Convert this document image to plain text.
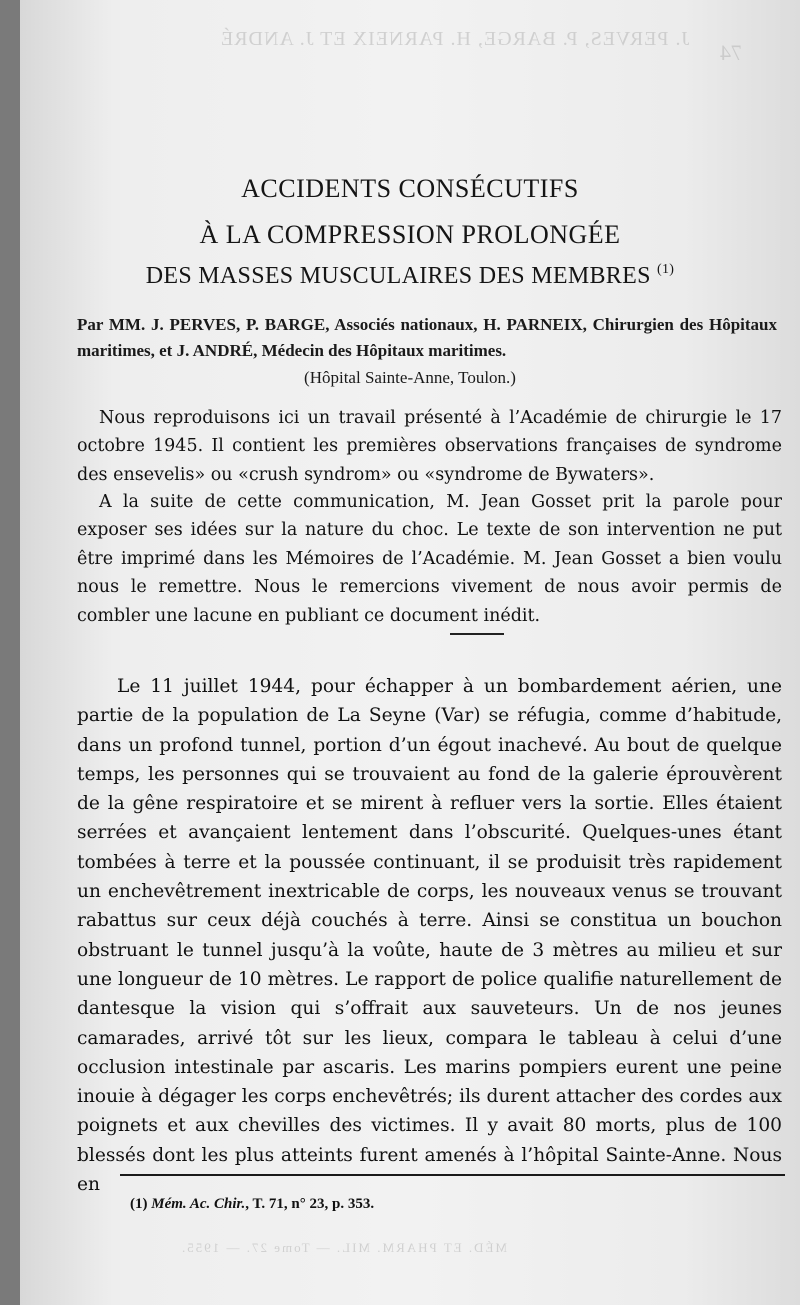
J. PERVES, P. BARGE, H. PARNEIX ET J. ANDRÉ
74
MÉD. ET PHARM. MIL. — Tome 27. — 1955.
ACCIDENTS CONSÉCUTIFS
À LA COMPRESSION PROLONGÉE
DES MASSES MUSCULAIRES DES MEMBRES $^{(1)}$

Par MM. J. PERVES, P. BARGE, Associés nationaux, H. PARNEIX, Chirurgien des Hôpitaux maritimes, et J. ANDRÉ, Médecin des Hôpitaux maritimes.

(Hôpital Sainte-Anne, Toulon.)

Nous reproduisons ici un travail présenté à l’Académie de chirurgie le 17 octobre 1945. Il contient les premières observations françaises de syndrome des ensevelis» ou «crush syndrom» ou «syndrome de Bywaters».

A la suite de cette communication, M. Jean Gosset prit la parole pour exposer ses idées sur la nature du choc. Le texte de son intervention ne put être imprimé dans les Mémoires de l’Académie. M. Jean Gosset a bien voulu nous le remettre. Nous le remercions vivement de nous avoir permis de combler une lacune en publiant ce document inédit.

Le 11 juillet 1944, pour échapper à un bombardement aérien, une partie de la population de La Seyne (Var) se réfugia, comme d’habitude, dans un profond tunnel, portion d’un égout inachevé. Au bout de quelque temps, les personnes qui se trouvaient au fond de la galerie éprouvèrent de la gêne respiratoire et se mirent à refluer vers la sortie. Elles étaient serrées et avançaient lentement dans l’obscurité. Quelques-unes étant tombées à terre et la poussée continuant, il se produisit très rapidement un enchevêtrement inextricable de corps, les nouveaux venus se trouvant rabattus sur ceux déjà couchés à terre. Ainsi se constitua un bouchon obstruant le tunnel jusqu’à la voûte, haute de 3 mètres au milieu et sur une longueur de 10 mètres. Le rapport de police qualifie naturellement de dantesque la vision qui s’offrait aux sauveteurs. Un de nos jeunes camarades, arrivé tôt sur les lieux, compara le tableau à celui d’une occlusion intestinale par ascaris. Les marins pompiers eurent une peine inouie à dégager les corps enchevêtrés; ils durent attacher des cordes aux poignets et aux chevilles des victimes. Il y avait 80 morts, plus de 100 blessés dont les plus atteints furent amenés à l’hôpital Sainte-Anne. Nous en

(1) Mém. Ac. Chir., T. 71, n° 23, p. 353.
